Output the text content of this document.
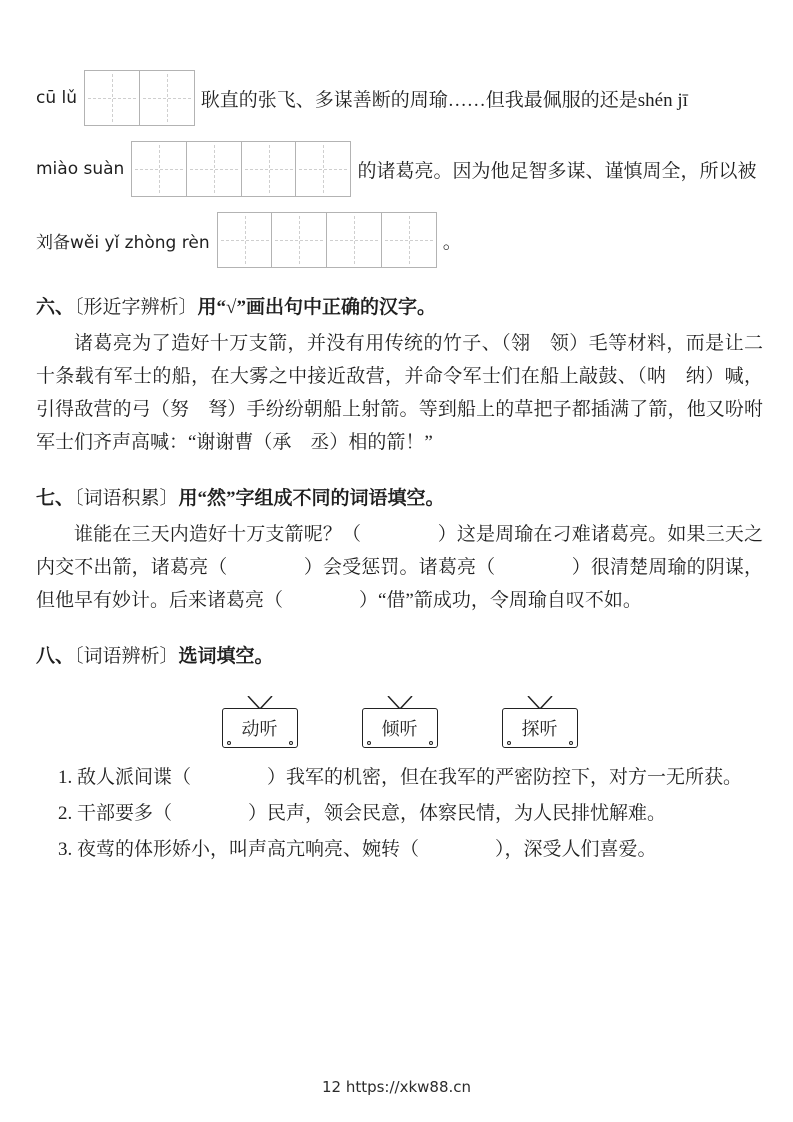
cū lǔ	耿直的张飞、多谋善断的周瑜……但我最佩服的还是shén jī
miào suàn	的诸葛亮。因为他足智多谋、谨慎周全，所以被
刘备wěi yǐ zhòng rèn	。
六、〔形近字辨析〕用“√”画出句中正确的汉字。

诸葛亮为了造好十万支箭，并没有用传统的竹子、（翎　领）毛等材料，而是让二十条载有军士的船，在大雾之中接近敌营，并命令军士们在船上敲鼓、（呐　纳）喊，引得敌营的弓（努　弩）手纷纷朝船上射箭。等到船上的草把子都插满了箭，他又吩咐军士们齐声高喊：“谢谢曹（承　丞）相的箭！”

七、〔词语积累〕用“然”字组成不同的词语填空。

谁能在三天内造好十万支箭呢？（　　　　）这是周瑜在刁难诸葛亮。如果三天之内交不出箭，诸葛亮（　　　　）会受惩罚。诸葛亮（　　　　）很清楚周瑜的阴谋，但他早有妙计。后来诸葛亮（　　　　）“借”箭成功，令周瑜自叹不如。

八、〔词语辨析〕选词填空。
动听	倾听	探听

1. 敌人派间谍（　　　　）我军的机密，但在我军的严密防控下，对方一无所获。

2. 干部要多（　　　　）民声，领会民意，体察民情，为人民排忧解难。

3. 夜莺的体形娇小，叫声高亢响亮、婉转（　　　　），深受人们喜爱。

12 https://xkw88.cn
